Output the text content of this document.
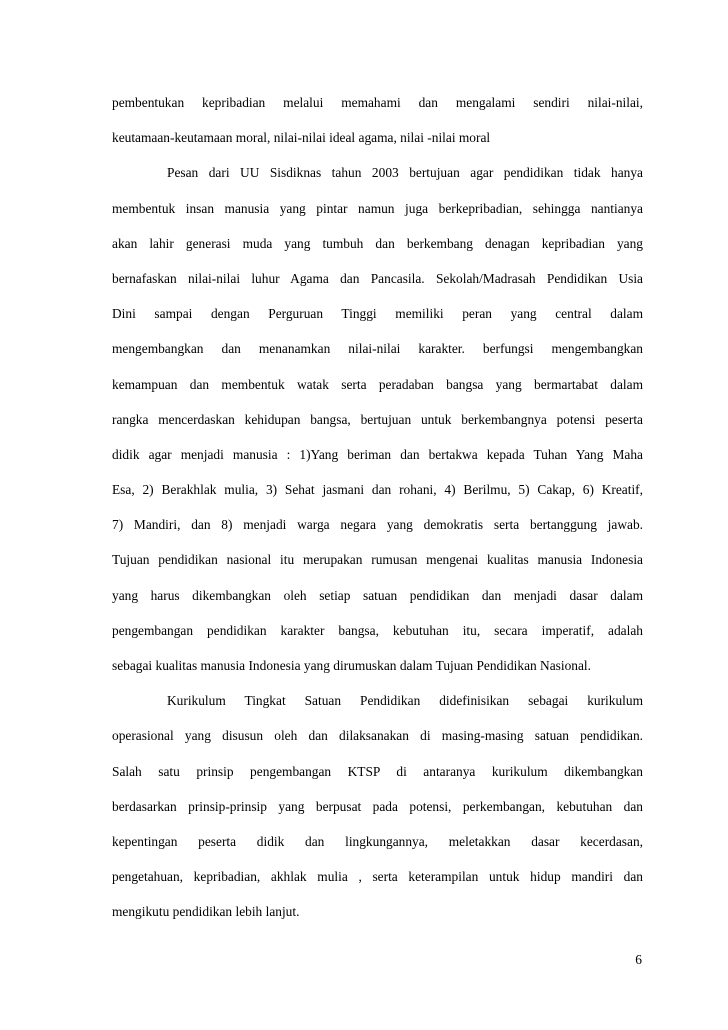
pembentukan kepribadian melalui memahami dan mengalami sendiri nilai-nilai,
keutamaan-keutamaan moral, nilai-nilai ideal agama, nilai -nilai moral
Pesan dari UU Sisdiknas tahun 2003 bertujuan agar pendidikan tidak hanya
membentuk insan manusia yang pintar namun juga berkepribadian, sehingga nantianya
akan lahir generasi muda yang tumbuh dan berkembang denagan kepribadian yang
bernafaskan nilai-nilai luhur Agama dan Pancasila. Sekolah/Madrasah Pendidikan Usia
Dini sampai dengan Perguruan Tinggi memiliki peran yang central dalam
mengembangkan dan menanamkan nilai-nilai karakter. berfungsi mengembangkan
kemampuan dan membentuk watak serta peradaban bangsa yang bermartabat dalam
rangka mencerdaskan kehidupan bangsa, bertujuan untuk berkembangnya potensi peserta
didik agar menjadi manusia : 1)Yang beriman dan bertakwa kepada Tuhan Yang Maha
Esa, 2) Berakhlak mulia, 3) Sehat jasmani dan rohani, 4) Berilmu, 5) Cakap, 6) Kreatif,
7) Mandiri, dan 8) menjadi warga negara yang demokratis serta bertanggung jawab.
Tujuan pendidikan nasional itu merupakan rumusan mengenai kualitas manusia Indonesia
yang harus dikembangkan oleh setiap satuan pendidikan dan menjadi dasar dalam
pengembangan pendidikan karakter bangsa, kebutuhan itu, secara imperatif, adalah
sebagai kualitas manusia Indonesia yang dirumuskan dalam Tujuan Pendidikan Nasional.
Kurikulum Tingkat Satuan Pendidikan didefinisikan sebagai kurikulum
operasional yang disusun oleh dan dilaksanakan di masing-masing satuan pendidikan.
Salah satu prinsip pengembangan KTSP di antaranya kurikulum dikembangkan
berdasarkan prinsip-prinsip yang berpusat pada potensi, perkembangan, kebutuhan dan
kepentingan peserta didik dan lingkungannya, meletakkan dasar kecerdasan,
pengetahuan, kepribadian, akhlak mulia , serta keterampilan untuk hidup mandiri dan
mengikutu pendidikan lebih lanjut.
6
